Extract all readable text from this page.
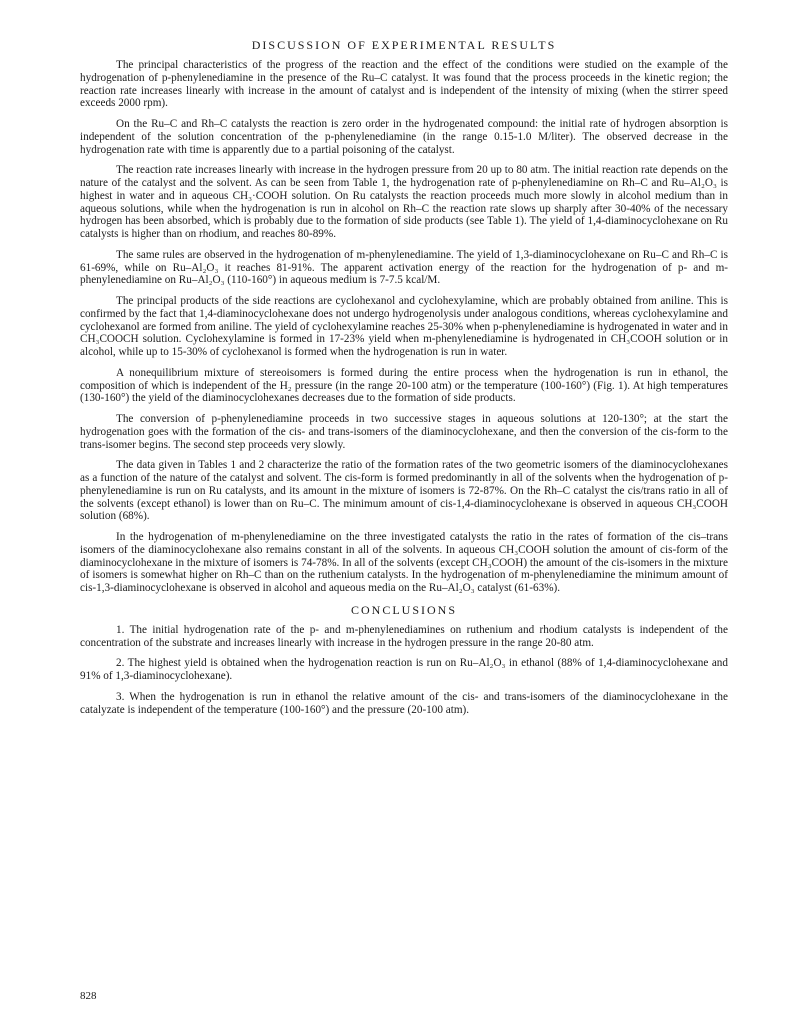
DISCUSSION OF EXPERIMENTAL RESULTS

The principal characteristics of the progress of the reaction and the effect of the conditions were studied on the example of the hydrogenation of p-phenylenediamine in the presence of the Ru–C catalyst. It was found that the process proceeds in the kinetic region; the reaction rate increases linearly with increase in the amount of catalyst and is independent of the intensity of mixing (when the stirrer speed exceeds 2000 rpm).

On the Ru–C and Rh–C catalysts the reaction is zero order in the hydrogenated compound: the initial rate of hydrogen absorption is independent of the solution concentration of the p-phenylenediamine (in the range 0.15-1.0 M/liter). The observed decrease in the hydrogenation rate with time is apparently due to a partial poisoning of the catalyst.

The reaction rate increases linearly with increase in the hydrogen pressure from 20 up to 80 atm. The initial reaction rate depends on the nature of the catalyst and the solvent. As can be seen from Table 1, the hydrogenation rate of p-phenylenediamine on Rh–C and Ru–Al₂O₃ is highest in water and in aqueous CH₃·COOH solution. On Ru catalysts the reaction proceeds much more slowly in alcohol medium than in aqueous solutions, while when the hydrogenation is run in alcohol on Rh–C the reaction rate slows up sharply after 30-40% of the necessary hydrogen has been absorbed, which is probably due to the formation of side products (see Table 1). The yield of 1,4-diaminocyclohexane on Ru catalysts is higher than on rhodium, and reaches 80-89%.

The same rules are observed in the hydrogenation of m-phenylenediamine. The yield of 1,3-diaminocyclohexane on Ru–C and Rh–C is 61-69%, while on Ru–Al₂O₃ it reaches 81-91%. The apparent activation energy of the reaction for the hydrogenation of p- and m-phenylenediamine on Ru–Al₂O₃ (110-160°) in aqueous medium is 7-7.5 kcal/M.

The principal products of the side reactions are cyclohexanol and cyclohexylamine, which are probably obtained from aniline. This is confirmed by the fact that 1,4-diaminocyclohexane does not undergo hydrogenolysis under analogous conditions, whereas cyclohexylamine and cyclohexanol are formed from aniline. The yield of cyclohexylamine reaches 25-30% when p-phenylenediamine is hydrogenated in water and in CH₃COOCH solution. Cyclohexylamine is formed in 17-23% yield when m-phenylenediamine is hydrogenated in CH₃COOH solution or in alcohol, while up to 15-30% of cyclohexanol is formed when the hydrogenation is run in water.

A nonequilibrium mixture of stereoisomers is formed during the entire process when the hydrogenation is run in ethanol, the composition of which is independent of the H₂ pressure (in the range 20-100 atm) or the temperature (100-160°) (Fig. 1). At high temperatures (130-160°) the yield of the diaminocyclohexanes decreases due to the formation of side products.

The conversion of p-phenylenediamine proceeds in two successive stages in aqueous solutions at 120-130°; at the start the hydrogenation goes with the formation of the cis- and trans-isomers of the diaminocyclohexane, and then the conversion of the cis-form to the trans-isomer begins. The second step proceeds very slowly.

The data given in Tables 1 and 2 characterize the ratio of the formation rates of the two geometric isomers of the diaminocyclohexanes as a function of the nature of the catalyst and solvent. The cis-form is formed predominantly in all of the solvents when the hydrogenation of p-phenylenediamine is run on Ru catalysts, and its amount in the mixture of isomers is 72-87%. On the Rh–C catalyst the cis/trans ratio in all of the solvents (except ethanol) is lower than on Ru–C. The minimum amount of cis-1,4-diaminocyclohexane is observed in aqueous CH₃COOH solution (68%).

In the hydrogenation of m-phenylenediamine on the three investigated catalysts the ratio in the rates of formation of the cis–trans isomers of the diaminocyclohexane also remains constant in all of the solvents. In aqueous CH₃COOH solution the amount of cis-form of the diaminocyclohexane in the mixture of isomers is 74-78%. In all of the solvents (except CH₃COOH) the amount of the cis-isomers in the mixture of isomers is somewhat higher on Rh–C than on the ruthenium catalysts. In the hydrogenation of m-phenylenediamine the minimum amount of cis-1,3-diaminocyclohexane is observed in alcohol and aqueous media on the Ru–Al₂O₃ catalyst (61-63%).

CONCLUSIONS

1. The initial hydrogenation rate of the p- and m-phenylenediamines on ruthenium and rhodium catalysts is independent of the concentration of the substrate and increases linearly with increase in the hydrogen pressure in the range 20-80 atm.

2. The highest yield is obtained when the hydrogenation reaction is run on Ru–Al₂O₃ in ethanol (88% of 1,4-diaminocyclohexane and 91% of 1,3-diaminocyclohexane).

3. When the hydrogenation is run in ethanol the relative amount of the cis- and trans-isomers of the diaminocyclohexane in the catalyzate is independent of the temperature (100-160°) and the pressure (20-100 atm).

828
